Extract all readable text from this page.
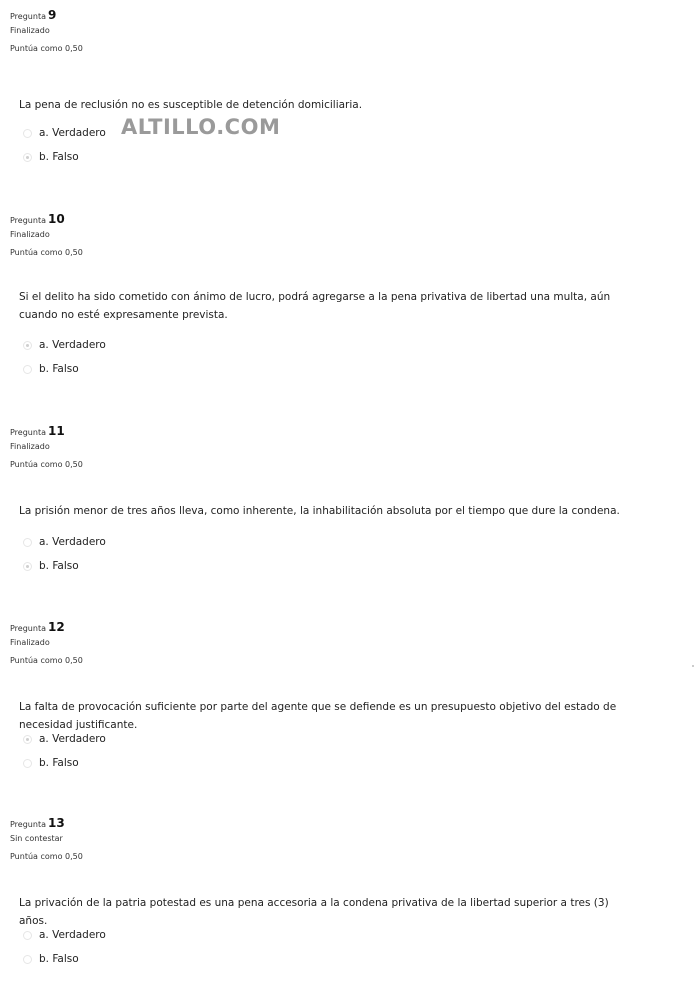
Pregunta 9
Finalizado
Puntúa como 0,50
La pena de reclusión no es susceptible de detención domiciliaria.
a. Verdadero
b. Falso
Pregunta 10
Finalizado
Puntúa como 0,50
Si el delito ha sido cometido con ánimo de lucro, podrá agregarse a la pena privativa de libertad una multa, aún cuando no esté expresamente prevista.
a. Verdadero
b. Falso
Pregunta 11
Finalizado
Puntúa como 0,50
La prisión menor de tres años lleva, como inherente, la inhabilitación absoluta por el tiempo que dure la condena.
a. Verdadero
b. Falso
Pregunta 12
Finalizado
Puntúa como 0,50
La falta de provocación suficiente por parte del agente que se defiende es un presupuesto objetivo del estado de necesidad justificante.
a. Verdadero
b. Falso
Pregunta 13
Sin contestar
Puntúa como 0,50
La privación de la patria potestad es una pena accesoria a la condena privativa de la libertad superior a tres (3) años.
a. Verdadero
b. Falso
ALTILLO.COM
